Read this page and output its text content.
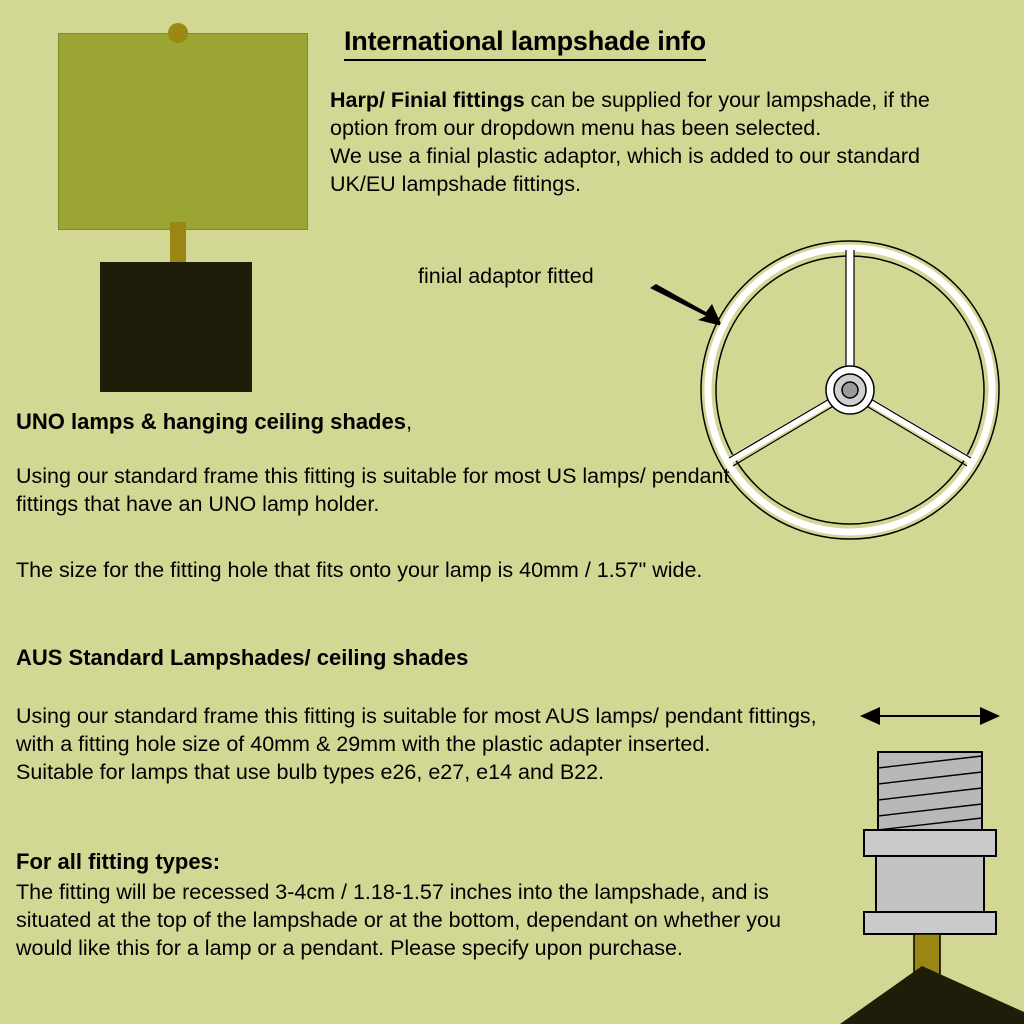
International lampshade info
Harp/ Finial fittings can be supplied for your lampshade, if the option from our dropdown menu has been selected.
We use a finial plastic adaptor, which is added to our standard UK/EU lampshade fittings.
finial adaptor fitted
UNO lamps & hanging ceiling shades,
Using our standard frame this fitting is suitable for most US lamps/ pendant fittings that have an UNO lamp holder.
The size for the fitting hole that fits onto your lamp is 40mm / 1.57" wide.
AUS Standard Lampshades/ ceiling shades
Using our standard frame this fitting is suitable for most AUS lamps/ pendant fittings, with a fitting hole size of 40mm & 29mm with the plastic adapter inserted.
Suitable for lamps that use bulb types e26, e27, e14 and B22.
For all fitting types:
The fitting will be recessed 3-4cm / 1.18-1.57 inches into the lampshade, and is situated at the top of the lampshade or at the bottom, dependant on whether you would like this for a lamp or a pendant. Please specify upon purchase.
